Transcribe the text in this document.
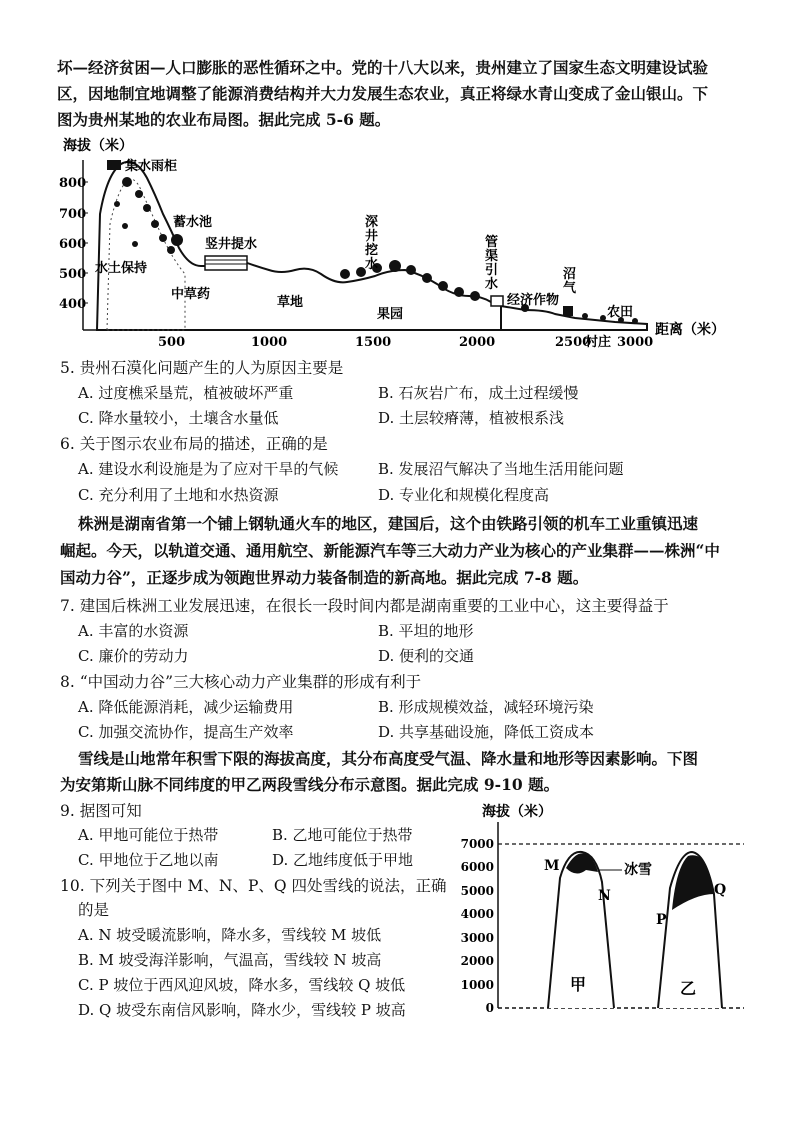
坏—经济贫困—人口膨胀的恶性循环之中。党的十八大以来，贵州建立了国家生态文明建设试验
区，因地制宜地调整了能源消费结构并大力发展生态农业，真正将绿水青山变成了金山银山。下
图为贵州某地的农业布局图。据此完成 5-6 题。
海拔（米）
800
700
600
500
400
500	1000	1500	2000	2500 3000
距离（米）
集水雨柜
蓄水池
竖井提水
水土保持
中草药
草地
深
井
挖
水
果园
管
渠
引
水
经济作物
沼
气
农田
村庄
5. 贵州石漠化问题产生的人为原因主要是
A. 过度樵采垦荒，植被破坏严重	B. 石灰岩广布，成土过程缓慢
C. 降水量较小，土壤含水量低	D. 土层较瘠薄，植被根系浅
6. 关于图示农业布局的描述，正确的是
A. 建设水利设施是为了应对干旱的气候	B. 发展沼气解决了当地生活用能问题
C. 充分利用了土地和水热资源	D. 专业化和规模化程度高
株洲是湖南省第一个铺上钢轨通火车的地区，建国后，这个由铁路引领的机车工业重镇迅速
崛起。今天，以轨道交通、通用航空、新能源汽车等三大动力产业为核心的产业集群——株洲“中
国动力谷”，正逐步成为领跑世界动力装备制造的新高地。据此完成 7-8 题。
7. 建国后株洲工业发展迅速，在很长一段时间内都是湖南重要的工业中心，这主要得益于
A. 丰富的水资源	B. 平坦的地形
C. 廉价的劳动力	D. 便利的交通
8. “中国动力谷”三大核心动力产业集群的形成有利于
A. 降低能源消耗，减少运输费用	B. 形成规模效益，减轻环境污染
C. 加强交流协作，提高生产效率	D. 共享基础设施，降低工资成本
雪线是山地常年积雪下限的海拔高度，其分布高度受气温、降水量和地形等因素影响。下图
为安第斯山脉不同纬度的甲乙两段雪线分布示意图。据此完成 9-10 题。
9. 据图可知
A. 甲地可能位于热带	B. 乙地可能位于热带
C. 甲地位于乙地以南	D. 乙地纬度低于甲地
10. 下列关于图中 M、N、P、Q 四处雪线的说法，正确
的是
A. N 坡受暖流影响，降水多，雪线较 M 坡低
B. M 坡受海洋影响，气温高，雪线较 N 坡高
C. P 坡位于西风迎风坡，降水多，雪线较 Q 坡低
D. Q 坡受东南信风影响，降水少，雪线较 P 坡高
海拔（米）
7000
6000
5000
4000
3000
2000
1000
0
冰雪
M
N
P
Q
甲	乙
